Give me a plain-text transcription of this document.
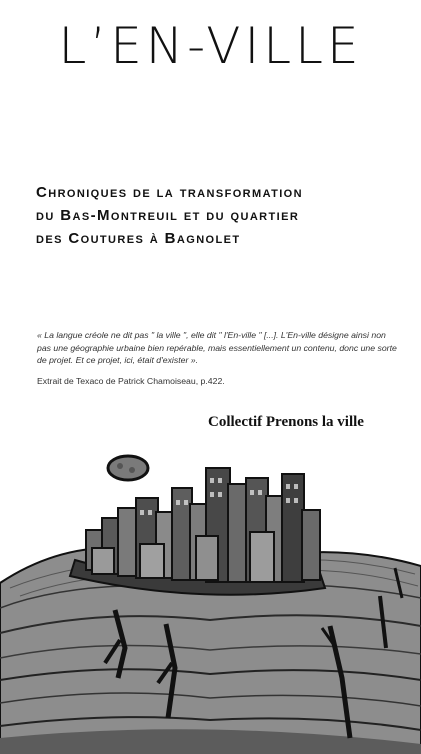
L’EN-VILLE
Chroniques de la transformation
du Bas-Montreuil et du quartier
des Coutures à Bagnolet
« La langue créole ne dit pas " la ville ", elle dit " l'En-ville " [...]. L'En-ville désigne ainsi non pas une géographie urbaine bien repérable, mais essentiellement un contenu, donc une sorte de projet. Et ce projet, ici, était d'exister ».
Extrait de Texaco de Patrick Chamoiseau, p.422.
Collectif Prenons la ville
